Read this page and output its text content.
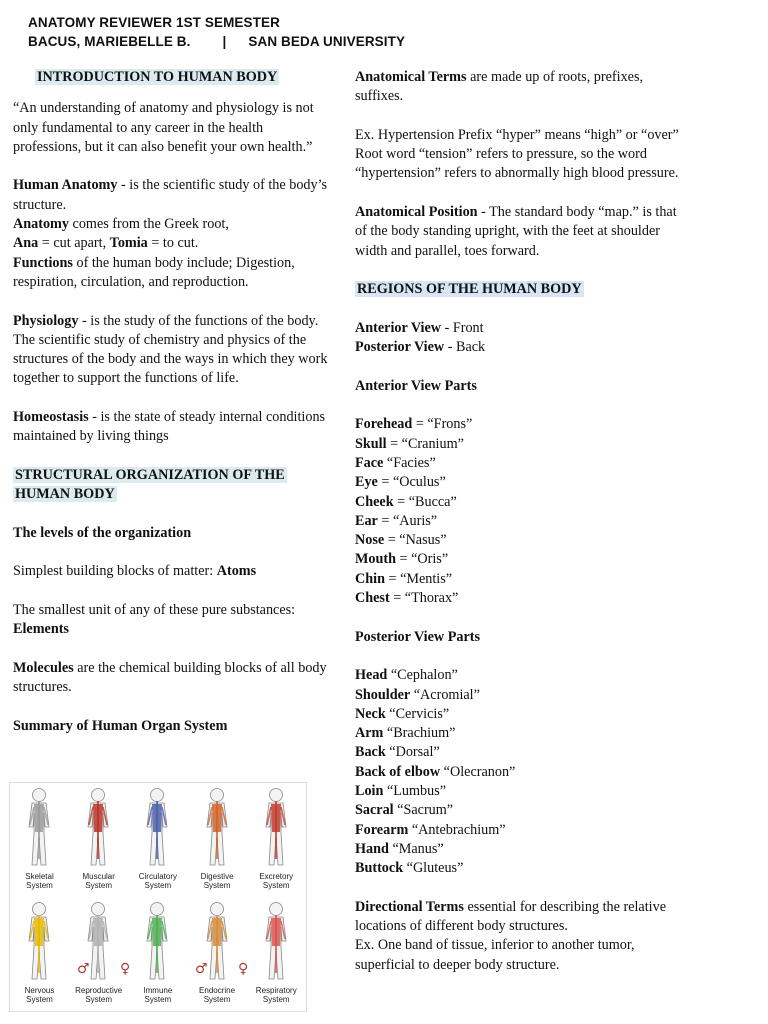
ANATOMY REVIEWER 1ST SEMESTER
BACUS, MARIEBELLE B. | SAN BEDA UNIVERSITY

INTRODUCTION TO HUMAN BODY

“An understanding of anatomy and physiology is not only fundamental to any career in the health professions, but it can also benefit your own health.”

Human Anatomy - is the scientific study of the body’s structure.

Anatomy comes from the Greek root,

Ana = cut apart, Tomia = to cut.

Functions of the human body include; Digestion, respiration, circulation, and reproduction.

Physiology - is the study of the functions of the body. The scientific study of chemistry and physics of the structures of the body and the ways in which they work together to support the functions of life.

Homeostasis - is the state of steady internal conditions maintained by living things

STRUCTURAL ORGANIZATION OF THE
HUMAN BODY

The levels of the organization

Simplest building blocks of matter: Atoms

The smallest unit of any of these pure substances:
Elements

Molecules are the chemical building blocks of all body structures.

Summary of Human Organ System

Skeletal
System
Muscular
System
Circulatory
System
Digestive
System
Excretory
System
Nervous
System
Reproductive
System
Immune
System
Endocrine
System
Respiratory
System
♂ ♀	♂ ♀

Anatomical Terms are made up of roots, prefixes, suffixes.

Ex. Hypertension Prefix “hyper” means “high” or “over” Root word “tension” refers to pressure, so the word “hypertension” refers to abnormally high blood pressure.

Anatomical Position - The standard body “map.” is that of the body standing upright, with the feet at shoulder width and parallel, toes forward.

REGIONS OF THE HUMAN BODY

Anterior View - Front
Posterior View - Back

Anterior View Parts

Forehead = “Frons”
Skull = “Cranium”
Face “Facies”
Eye = “Oculus”
Cheek = “Bucca”
Ear = “Auris”
Nose = “Nasus”
Mouth = “Oris”
Chin = “Mentis”
Chest = “Thorax”

Posterior View Parts

Head “Cephalon”
Shoulder “Acromial”
Neck “Cervicis”
Arm “Brachium”
Back “Dorsal”
Back of elbow “Olecranon”
Loin “Lumbus”
Sacral “Sacrum”
Forearm “Antebrachium”
Hand “Manus”
Buttock “Gluteus”

Directional Terms essential for describing the relative locations of different body structures.

Ex. One band of tissue, inferior to another tumor, superficial to deeper body structure.
